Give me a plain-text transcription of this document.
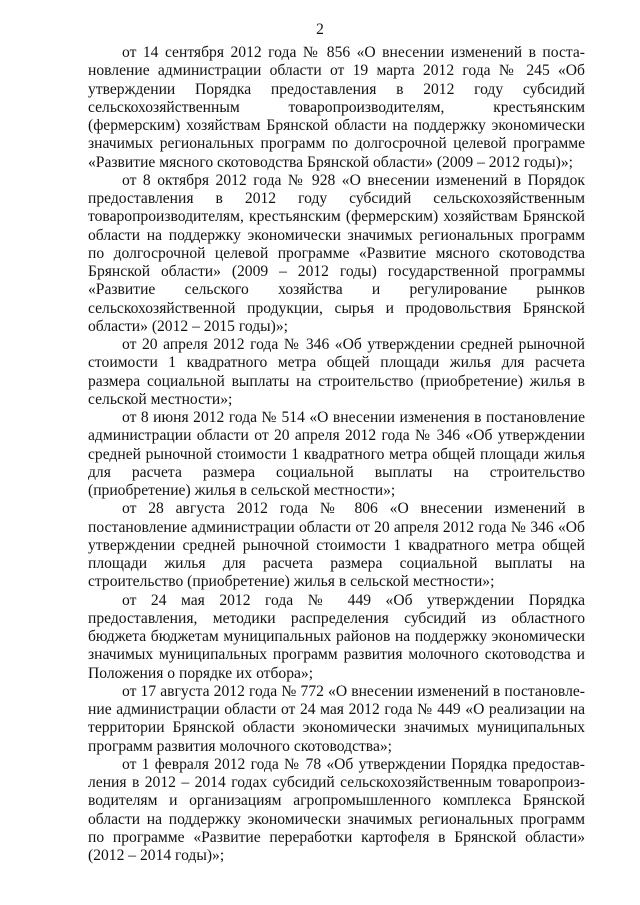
2

от 14 сентября 2012 года № 856 «О внесении изменений в постановление администрации области от 19 марта 2012 года № 245 «Об утверждении Порядка предоставления в 2012 году субсидий сельскохозяйственным товаропроизводителям, крестьянским (фермерским) хозяйствам Брянской области на поддержку экономически значимых региональных программ по долгосрочной целевой программе «Развитие мясного скотоводства Брянской области» (2009 – 2012 годы)»;

от 8 октября 2012 года № 928 «О внесении изменений в Порядок предоставления в 2012 году субсидий сельскохозяйственным товаропроизводителям, крестьянским (фермерским) хозяйствам Брянской области на поддержку экономически значимых региональных программ по долгосрочной целевой программе «Развитие мясного скотоводства Брянской области» (2009 – 2012 годы) государственной программы «Развитие сельского хозяйства и регулирование рынков сельскохозяйственной продукции, сырья и продовольствия Брянской области» (2012 – 2015 годы)»;

от 20 апреля 2012 года № 346 «Об утверждении средней рыночной стоимости 1 квадратного метра общей площади жилья для расчета размера социальной выплаты на строительство (приобретение) жилья в сельской местности»;

от 8 июня 2012 года № 514 «О внесении изменения в постановление администрации области от 20 апреля 2012 года № 346 «Об утверждении средней рыночной стоимости 1 квадратного метра общей площади жилья для расчета размера социальной выплаты на строительство (приобретение) жилья в сельской местности»;

от 28 августа 2012 года № 806 «О внесении изменений в постановление администрации области от 20 апреля 2012 года № 346 «Об утверждении средней рыночной стоимости 1 квадратного метра общей площади жилья для расчета размера социальной выплаты на строительство (приобретение) жилья в сельской местности»;

от 24 мая 2012 года № 449 «Об утверждении Порядка предоставления, методики распределения субсидий из областного бюджета бюджетам муниципальных районов на поддержку экономически значимых муниципальных программ развития молочного скотоводства и Положения о порядке их отбора»;

от 17 августа 2012 года № 772 «О внесении изменений в постановление администрации области от 24 мая 2012 года № 449 «О реализации на территории Брянской области экономически значимых муниципальных программ развития молочного скотоводства»;

от 1 февраля 2012 года № 78 «Об утверждении Порядка предоставления в 2012 – 2014 годах субсидий сельскохозяйственным товаропроизводителям и организациям агропромышленного комплекса Брянской области на поддержку экономически значимых региональных программ по программе «Развитие переработки картофеля в Брянской области» (2012 – 2014 годы)»;
